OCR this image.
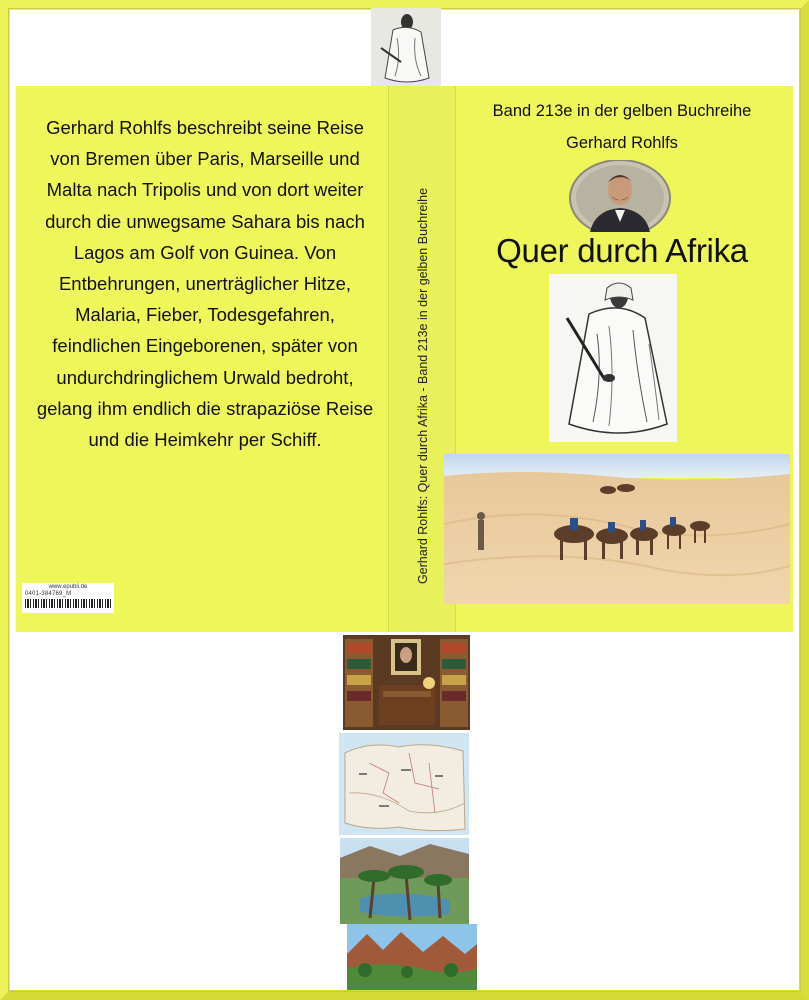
Gerhard Rohlfs beschreibt seine Reise von Bremen über Paris, Marseille und Malta nach Tripolis und von dort weiter durch die unwegsame Sahara bis nach Lagos am Golf von Guinea. Von Entbehrungen, unerträglicher Hitze, Malaria, Fieber, Todesgefahren, feindlichen Eingeborenen, später von undurchdringlichem Urwald bedroht, gelang ihm endlich die strapaziöse Reise und die Heimkehr per Schiff.
www.epubli.de
0401-384769_M
Gerhard Rohlfs: Quer durch Afrika - Band 213e in der gelben Buchreihe
Band 213e in der gelben Buchreihe
Gerhard Rohlfs
Quer durch Afrika
